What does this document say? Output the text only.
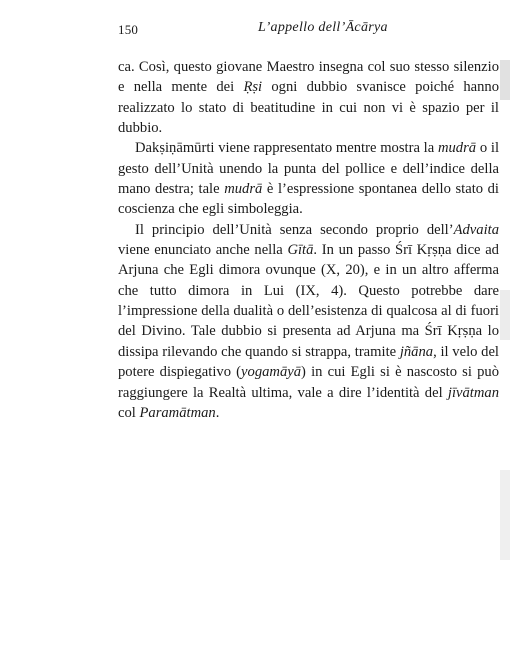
150	L’appello dell’Ācārya

ca. Così, questo giovane Maestro insegna col suo stesso silenzio e nella mente dei Ṛṣi ogni dubbio svanisce poiché hanno realizzato lo stato di beatitudine in cui non vi è spazio per il dubbio.

Dakṣiṇāmūrti viene rappresentato mentre mostra la mudrā o il gesto dell’Unità unendo la punta del pollice e dell’indice della mano destra; tale mudrā è l’espressione spontanea dello stato di coscienza che egli simboleggia.

Il principio dell’Unità senza secondo proprio dell’Advaita viene enunciato anche nella Gītā. In un passo Śrī Kṛṣṇa dice ad Arjuna che Egli dimora ovunque (X, 20), e in un altro afferma che tutto dimora in Lui (IX, 4). Questo potrebbe dare l’impressione della dualità o dell’esistenza di qualcosa al di fuori del Divino. Tale dubbio si presenta ad Arjuna ma Śrī Kṛṣṇa lo dissipa rilevando che quando si strappa, tramite jñāna, il velo del potere dispiegativo (yogamāyā) in cui Egli si è nascosto si può raggiungere la Realtà ultima, vale a dire l’identità del jīvātman col Paramātman.
